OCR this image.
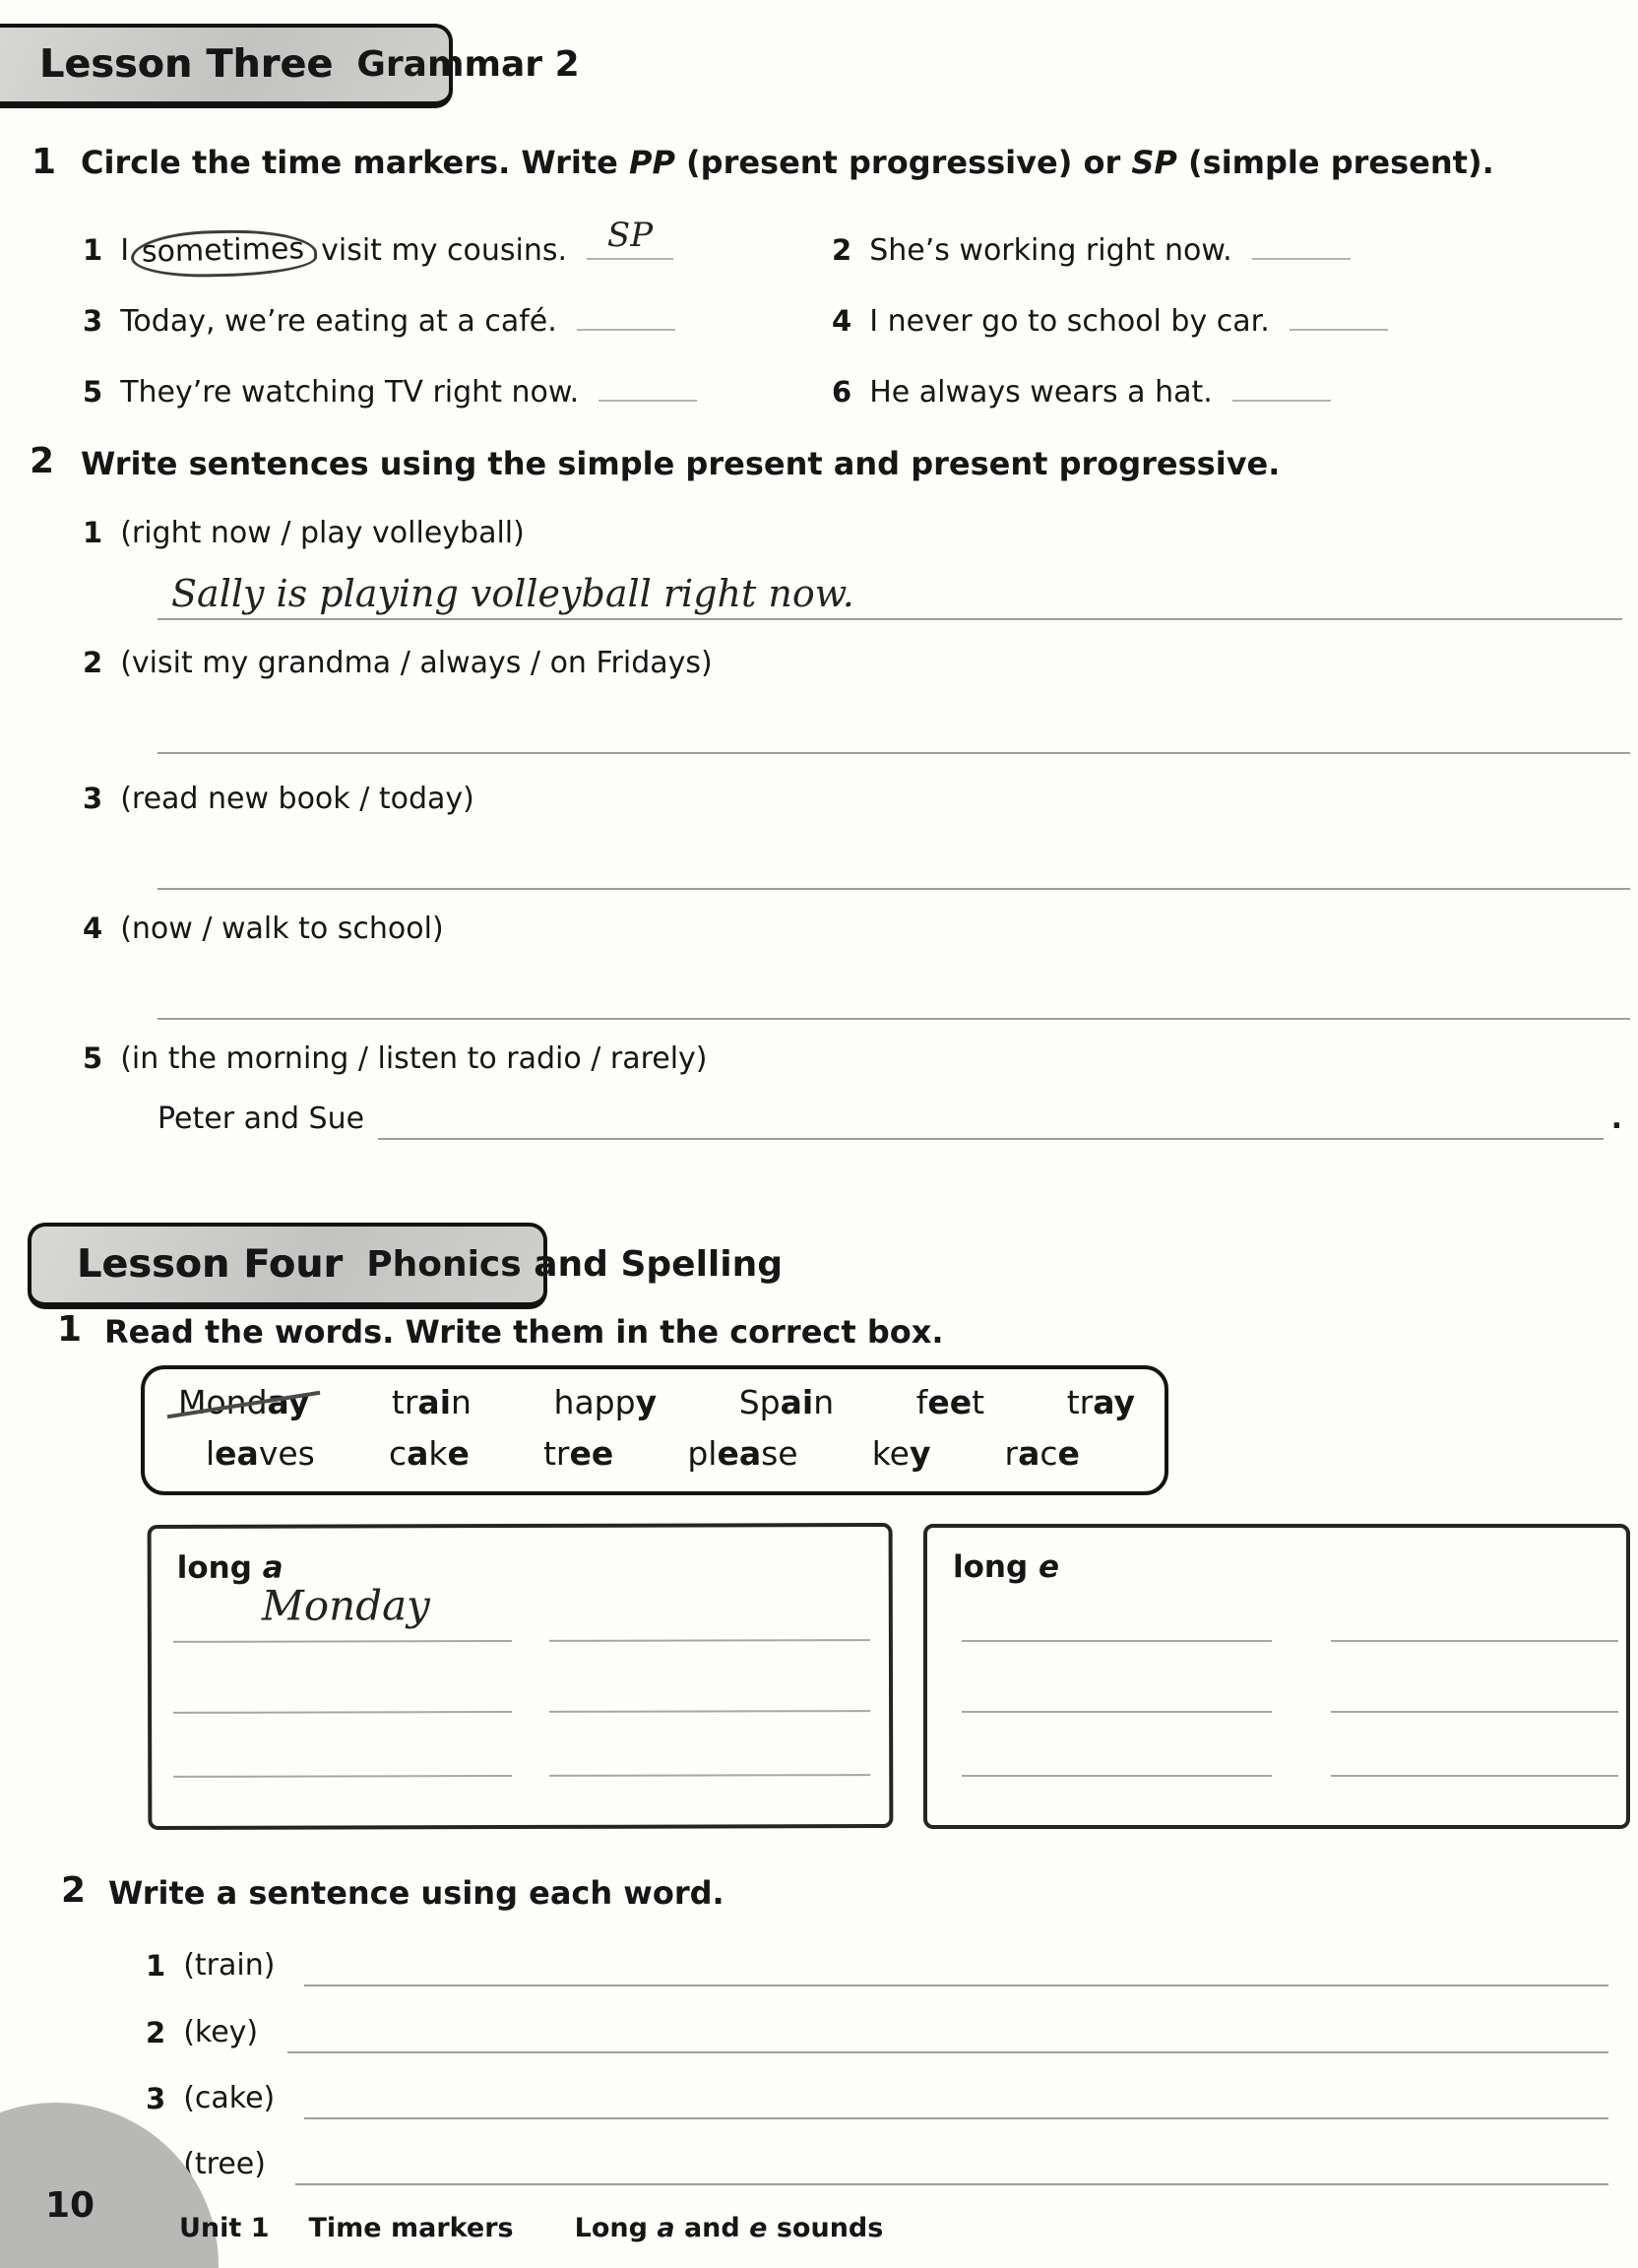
Lesson Three Grammar 2
1 Circle the time markers. Write PP (present progressive) or SP (simple present).
1 I sometimes visit my cousins. SP	2 She’s working right now.
3 Today, we’re eating at a café.	4 I never go to school by car.
5 They’re watching TV right now.	6 He always wears a hat.
2 Write sentences using the simple present and present progressive.
1 (right now / play volleyball)
Sally is playing volleyball right now.
2 (visit my grandma / always / on Fridays)
3 (read new book / today)
4 (now / walk to school)
5 (in the morning / listen to radio / rarely)
Peter and Sue	.
Lesson Four Phonics and Spelling
1 Read the words. Write them in the correct box.
Monday	train	happy	Spain	feet	tray
leaves cake tree please key race
long a
Monday
long e
2 Write a sentence using each word.
1 (train)
2 (key)
3 (cake)
(tree)
10
Unit 1 Time markers Long a and e sounds
